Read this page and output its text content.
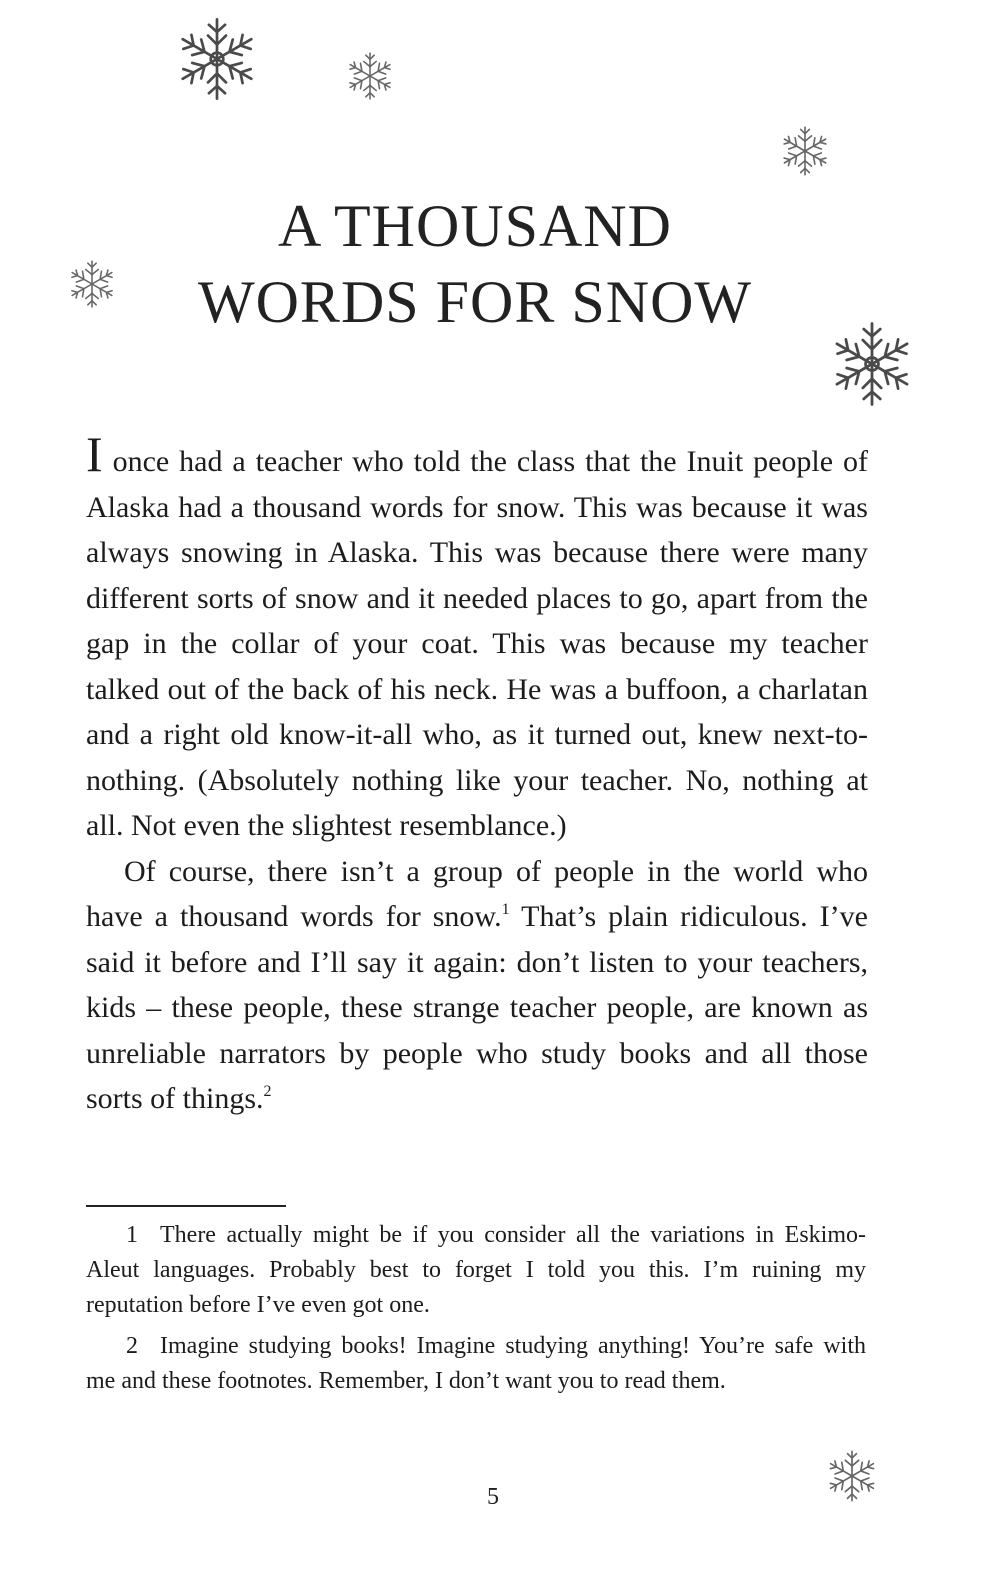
A THOUSAND
WORDS FOR SNOW

I once had a teacher who told the class that the Inuit people of Alaska had a thousand words for snow. This was because it was always snowing in Alaska. This was because there were many different sorts of snow and it needed places to go, apart from the gap in the collar of your coat. This was because my teacher talked out of the back of his neck. He was a buffoon, a charlatan and a right old know-it-all who, as it turned out, knew next-to-nothing. (Absolutely nothing like your teacher. No, nothing at all. Not even the slightest resemblance.)

Of course, there isn’t a group of people in the world who have a thousand words for snow.$^1$ That’s plain ridiculous. I’ve said it before and I’ll say it again: don’t listen to your teachers, kids – these people, these strange teacher people, are known as unreliable narrators by people who study books and all those sorts of things.$^2$

1 There actually might be if you consider all the variations in Eskimo-Aleut languages. Probably best to forget I told you this. I’m ruining my reputation before I’ve even got one.

2 Imagine studying books! Imagine studying anything! You’re safe with me and these footnotes. Remember, I don’t want you to read them.

5
